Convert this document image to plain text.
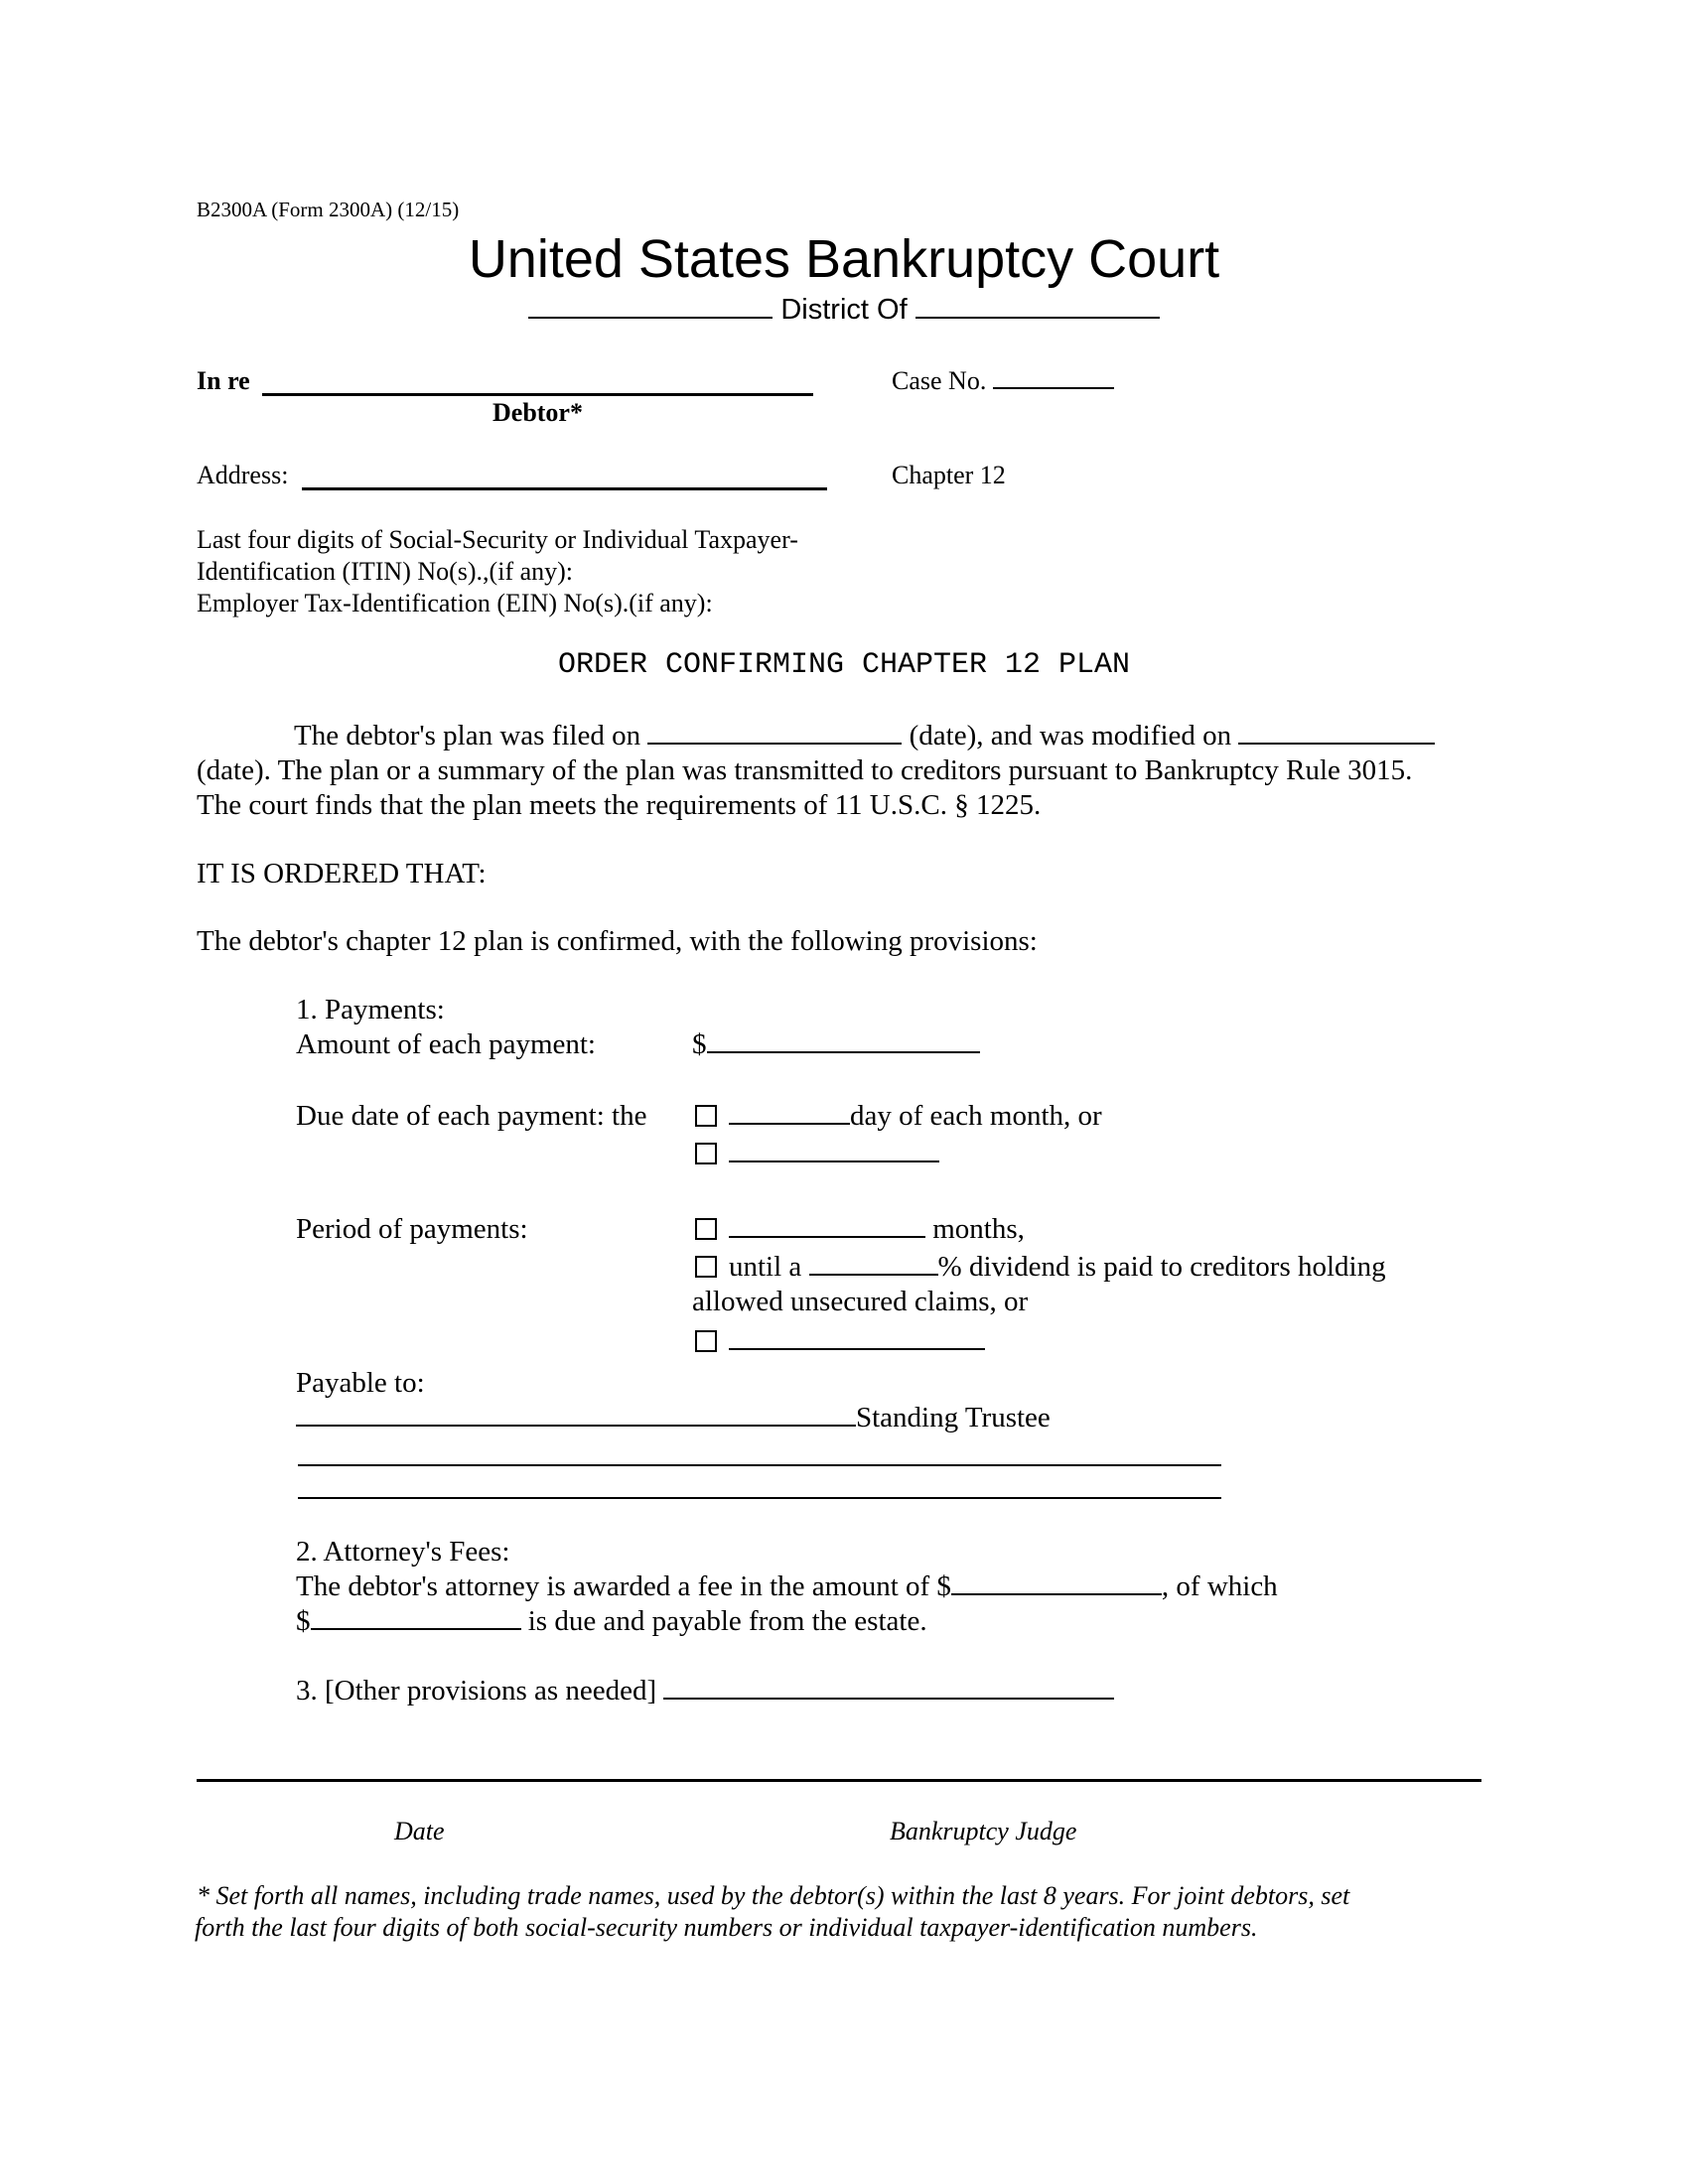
B2300A (Form 2300A) (12/15)
United States Bankruptcy Court
District Of
In re
Debtor*
Case No.
Address:	Chapter 12
Last four digits of Social-Security or Individual Taxpayer-
Identification (ITIN) No(s).,(if any):
Employer Tax-Identification (EIN) No(s).(if any):
ORDER CONFIRMING CHAPTER 12 PLAN
The debtor's plan was filed on	(date), and was modified on
(date). The plan or a summary of the plan was transmitted to creditors pursuant to Bankruptcy Rule 3015.
The court finds that the plan meets the requirements of 11 U.S.C. § 1225.
IT IS ORDERED THAT:
The debtor's chapter 12 plan is confirmed, with the following provisions:
1. Payments:
Amount of each payment:	$
Due date of each payment: the	day of each month, or
Period of payments:	months,
until a	% dividend is paid to creditors holding
allowed unsecured claims, or
Payable to:
Standing Trustee
2. Attorney's Fees:
The debtor's attorney is awarded a fee in the amount of $	, of which
$	is due and payable from the estate.
3. [Other provisions as needed]
Date	Bankruptcy Judge
* Set forth all names, including trade names, used by the debtor(s) within the last 8 years. For joint debtors, set
forth the last four digits of both social-security numbers or individual taxpayer-identification numbers.
